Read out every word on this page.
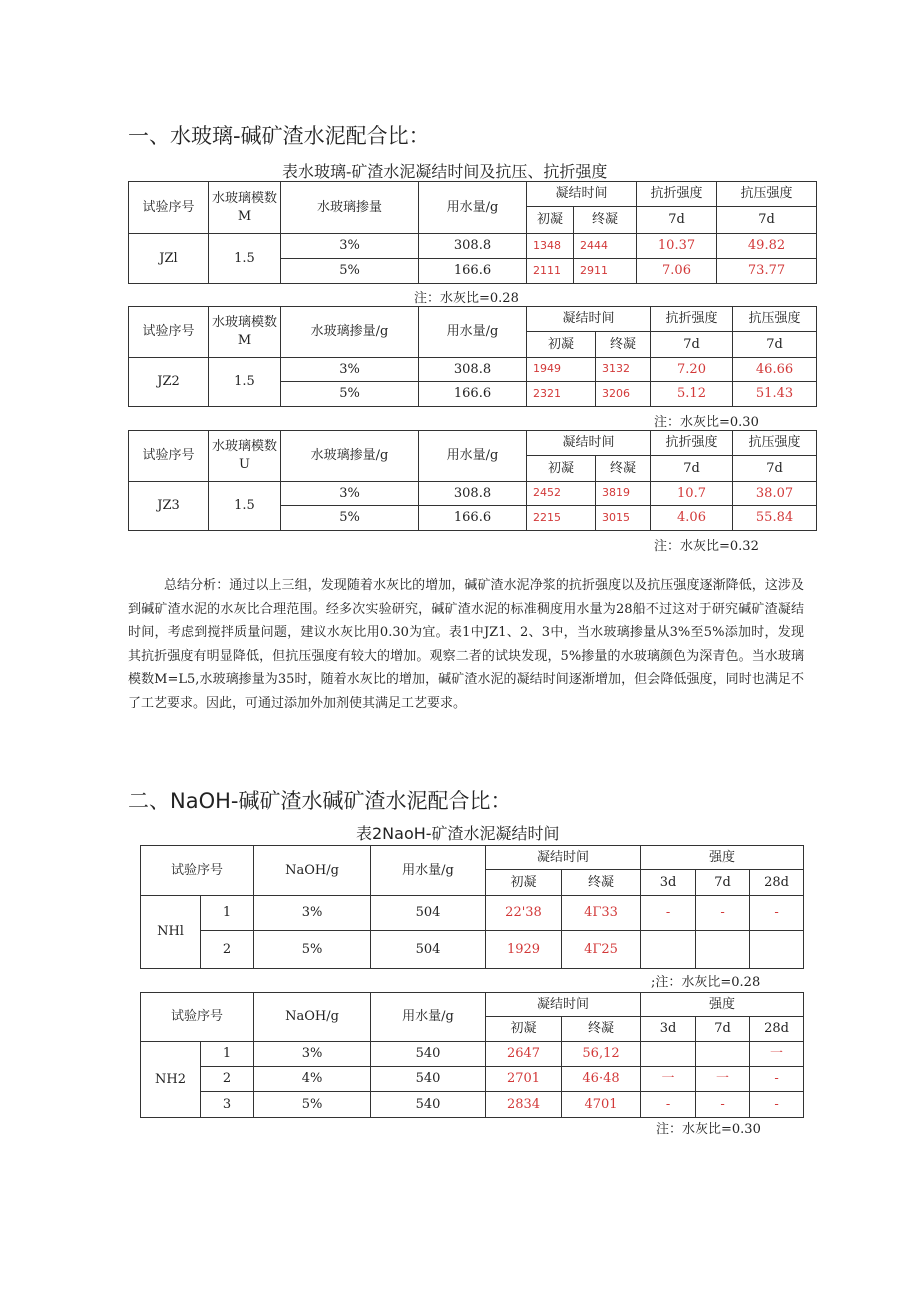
一、水玻璃-碱矿渣水泥配合比：
表水玻璃-矿渣水泥凝结时间及抗压、抗折强度
试验序号	水玻璃模数M	水玻璃掺量	用水量/g	凝结时间		抗折强度	抗压强度
				初凝	终凝	7d	7d
JZl	1.5	3%	308.8	1348	2444	10.37	49.82
		5%	166.6	2111	2911	7.06	73.77
注：水灰比=0.28
试验序号	水玻璃模数M	水玻璃掺量/g	用水量/g	凝结时间		抗折强度	抗压强度
				初凝	终凝	7d	7d
JZ2	1.5	3%	308.8	1949	3132	7.20	46.66
		5%	166.6	2321	3206	5.12	51.43
注：水灰比=0.30
试验序号	水玻璃模数U	水玻璃掺量/g	用水量/g	凝结时间		抗折强度	抗压强度
				初凝	终凝	7d	7d
JZ3	1.5	3%	308.8	2452	3819	10.7	38.07
		5%	166.6	2215	3015	4.06	55.84
注：水灰比=0.32
总结分析：通过以上三组，发现随着水灰比的增加，碱矿渣水泥净浆的抗折强度以及抗压强度逐渐降低，这涉及到碱矿渣水泥的水灰比合理范围。经多次实验研究，碱矿渣水泥的标准稠度用水量为28船不过这对于研究碱矿渣凝结时间，考虑到搅拌质量问题，建议水灰比用0.30为宜。表1中JZ1、2、3中，当水玻璃掺量从3%至5%添加时，发现其抗折强度有明显降低，但抗压强度有较大的增加。观察二者的试块发现，5%掺量的水玻璃颜色为深青色。当水玻璃模数M=L5,水玻璃掺量为35时，随着水灰比的增加，碱矿渣水泥的凝结时间逐渐增加，但会降低强度，同时也满足不了工艺要求。因此，可通过添加外加剂使其满足工艺要求。
二、NaOH-碱矿渣水碱矿渣水泥配合比：
表2NaoH-矿渣水泥凝结时间
试验序号		NaOH/g	用水量/g	凝结时间		强度		
				初凝	终凝	3d	7d	28d
NHl	1	3%	504	22'38	4Γ33	-	-	-
	2	5%	504	1929	4Γ25			
;注：水灰比=0.28
试验序号		NaOH/g	用水量/g	凝结时间		强度		
				初凝	终凝	3d	7d	28d
NH2	1	3%	540	2647	56,12			一
	2	4%	540	2701	46·48	一	一	-
	3	5%	540	2834	4701	-	-	-
注：水灰比=0.30
